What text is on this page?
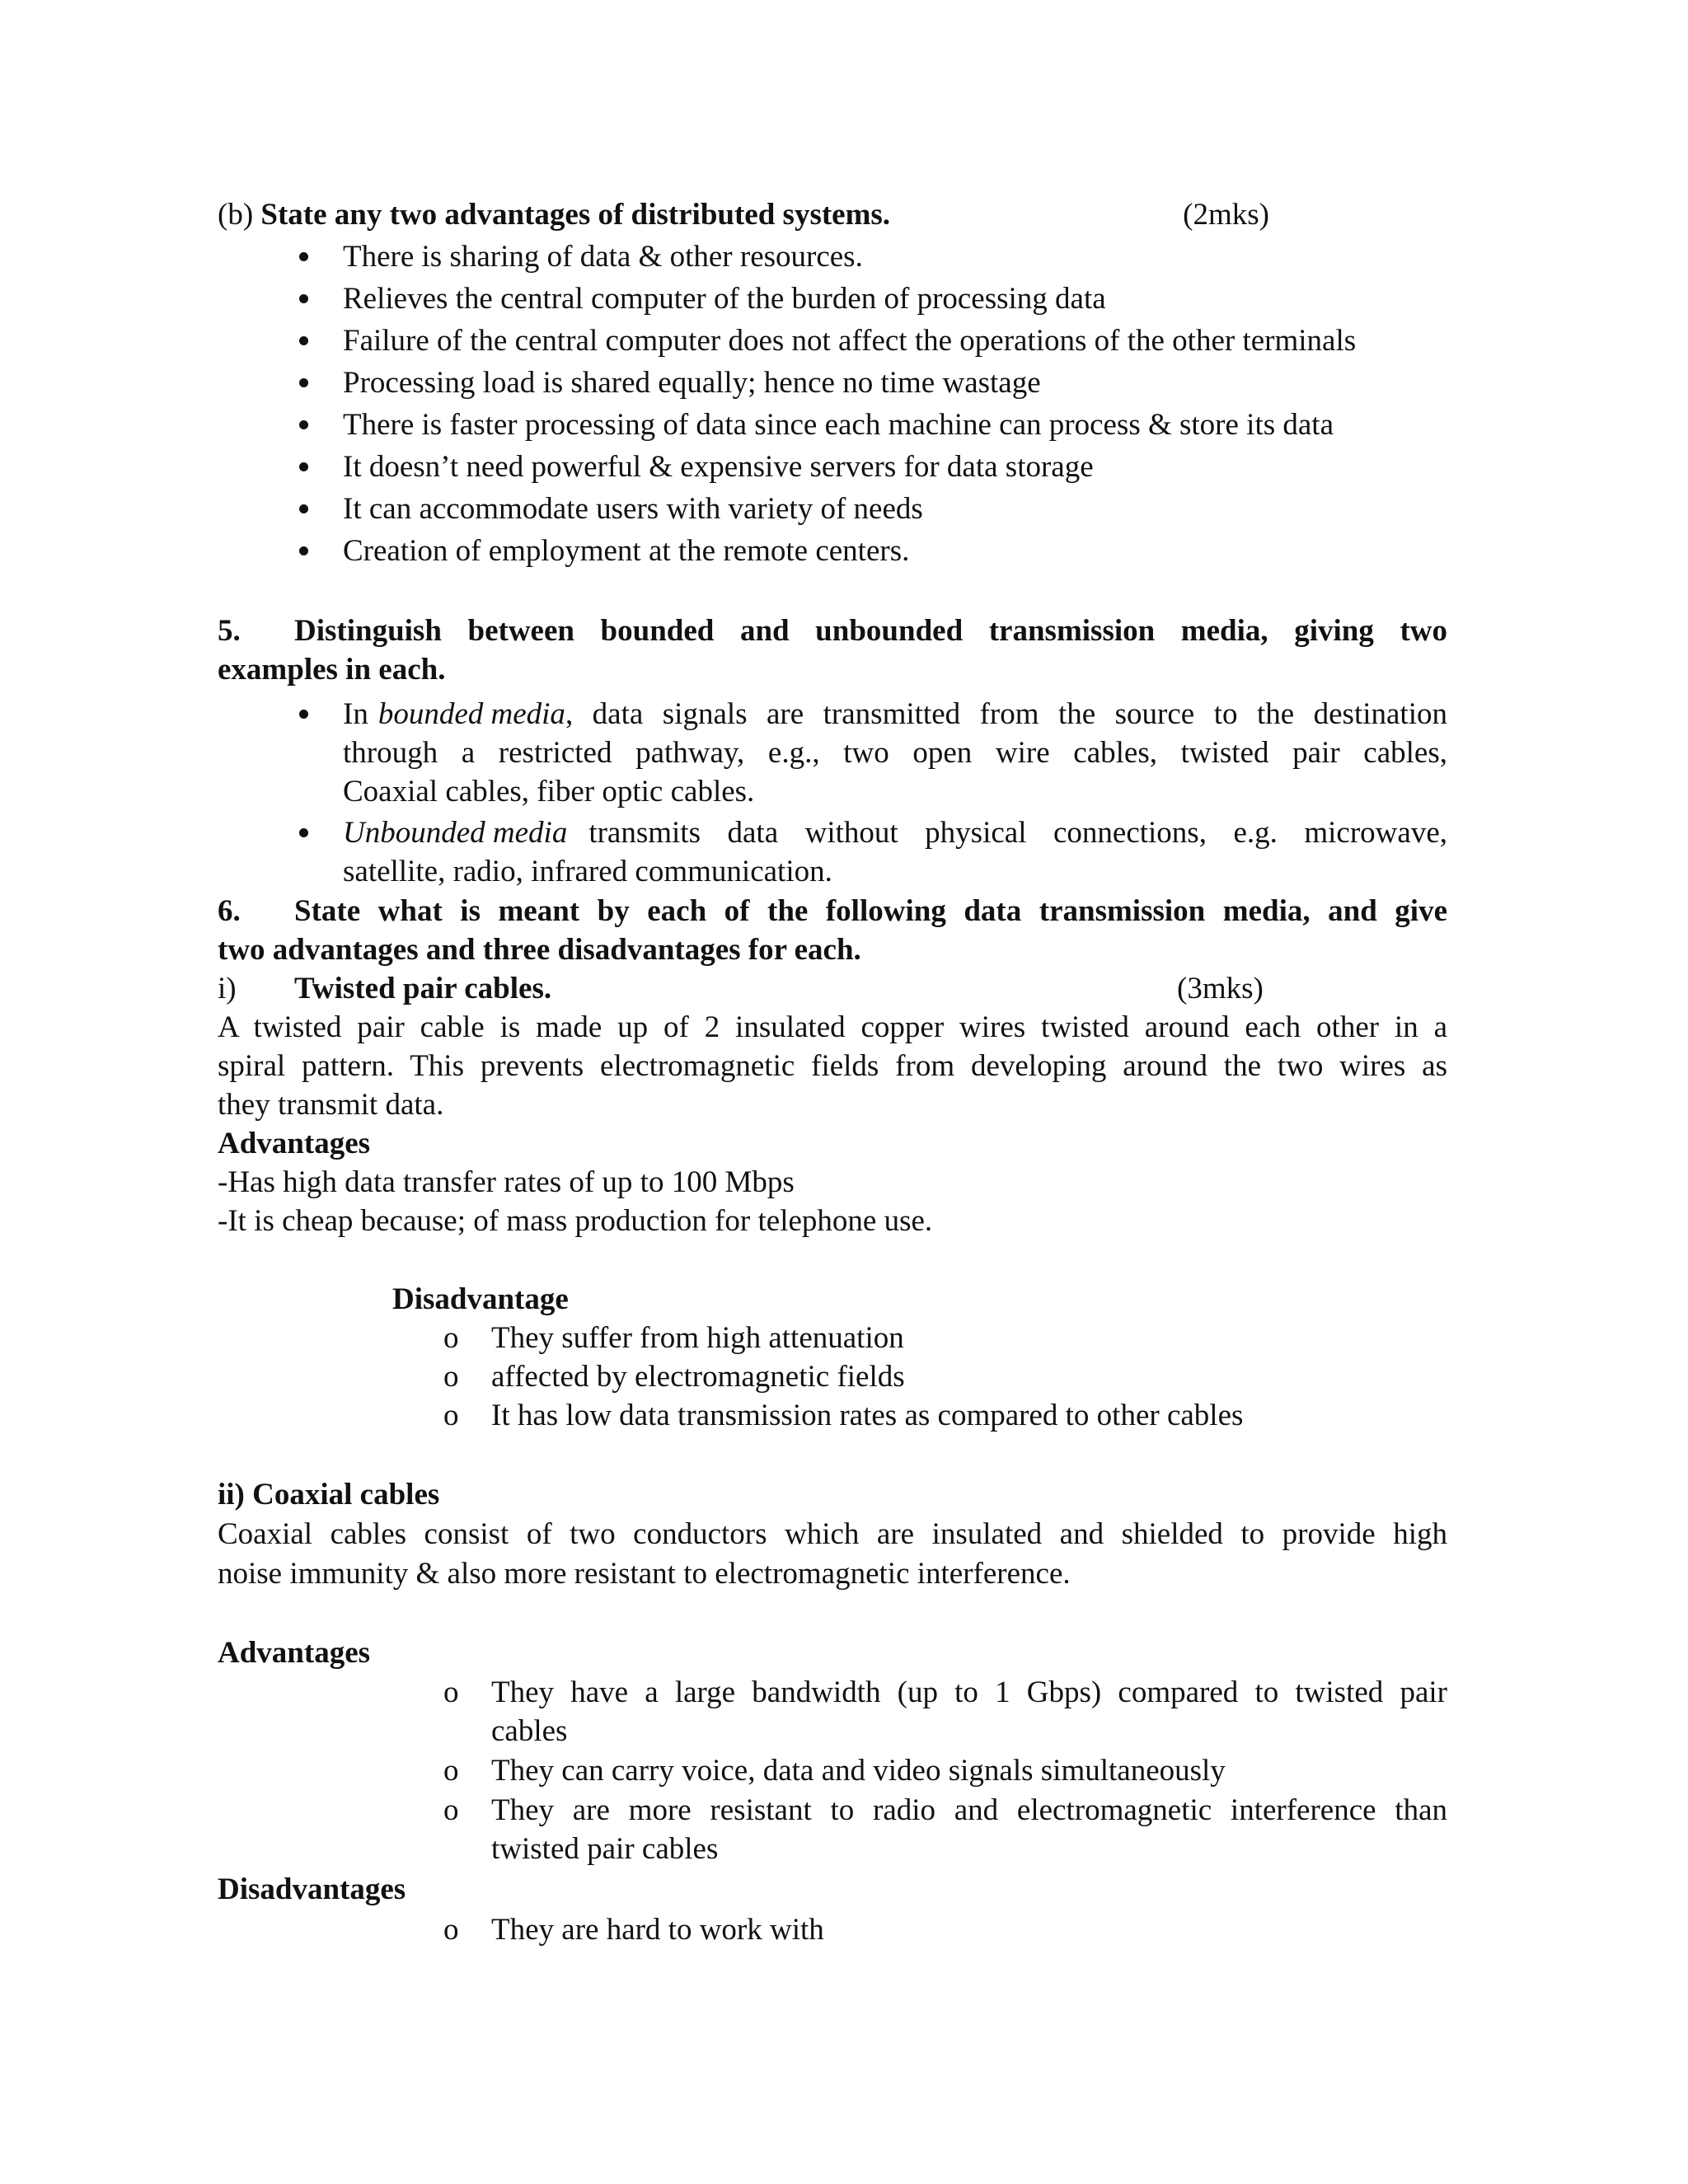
(b) State any two advantages of distributed systems.	(2mks)
There is sharing of data & other resources.
Relieves the central computer of the burden of processing data
Failure of the central computer does not affect the operations of the other terminals
Processing load is shared equally; hence no time wastage
There is faster processing of data since each machine can process & store its data
It doesn’t need powerful & expensive servers for data storage
It can accommodate users with variety of needs
Creation of employment at the remote centers.
5. Distinguish between bounded and unbounded transmission media, giving two
examples in each.
In bounded media , data signals are transmitted from the source to the destination
through a restricted pathway, e.g., two open wire cables, twisted pair cables,
Coaxial cables, fiber optic cables.
Unbounded media transmits data without physical connections, e.g. microwave,
satellite, radio, infrared communication.
6. State what is meant by each of the following data transmission media, and give
two advantages and three disadvantages for each.
i) Twisted pair cables.	(3mks)
A twisted pair cable is made up of 2 insulated copper wires twisted around each other in a
spiral pattern. This prevents electromagnetic fields from developing around the two wires as
they transmit data.
Advantages
-Has high data transfer rates of up to 100 Mbps
-It is cheap because; of mass production for telephone use.
Disadvantage
o They suffer from high attenuation
o affected by electromagnetic fields
o It has low data transmission rates as compared to other cables
ii) Coaxial cables
Coaxial cables consist of two conductors which are insulated and shielded to provide high
noise immunity & also more resistant to electromagnetic interference.
Advantages
o They have a large bandwidth (up to 1 Gbps) compared to twisted pair
cables
o They can carry voice, data and video signals simultaneously
o They are more resistant to radio and electromagnetic interference than
twisted pair cables
Disadvantages
o They are hard to work with
